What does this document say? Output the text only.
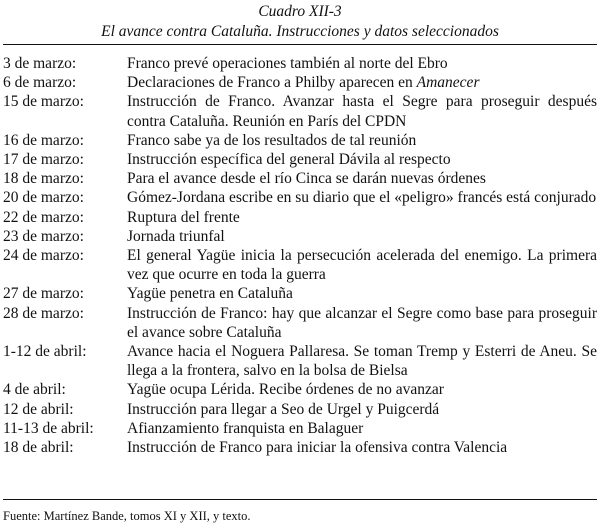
Cuadro XII-3
El avance contra Cataluña. Instrucciones y datos seleccionados
3 de marzo:	Franco prevé operaciones también al norte del Ebro
6 de marzo:	Declaraciones de Franco a Philby aparecen en Amanecer
15 de marzo:	Instrucción de Franco. Avanzar hasta el Segre para proseguir después contra Cataluña. Reunión en París del CPDN
16 de marzo:	Franco sabe ya de los resultados de tal reunión
17 de marzo:	Instrucción específica del general Dávila al respecto
18 de marzo:	Para el avance desde el río Cinca se darán nuevas órdenes
20 de marzo:	Gómez-Jordana escribe en su diario que el «peligro» francés está conjurado
22 de marzo:	Ruptura del frente
23 de marzo:	Jornada triunfal
24 de marzo:	El general Yagüe inicia la persecución acelerada del enemigo. La primera vez que ocurre en toda la guerra
27 de marzo:	Yagüe penetra en Cataluña
28 de marzo:	Instrucción de Franco: hay que alcanzar el Segre como base para proseguir el avance sobre Cataluña
1-12 de abril:	Avance hacia el Noguera Pallaresa. Se toman Tremp y Esterri de Aneu. Se llega a la frontera, salvo en la bolsa de Bielsa
4 de abril:	Yagüe ocupa Lérida. Recibe órdenes de no avanzar
12 de abril:	Instrucción para llegar a Seo de Urgel y Puigcerdá
11-13 de abril:	Afianzamiento franquista en Balaguer
18 de abril:	Instrucción de Franco para iniciar la ofensiva contra Valencia
Fuente: Martínez Bande, tomos XI y XII, y texto.
